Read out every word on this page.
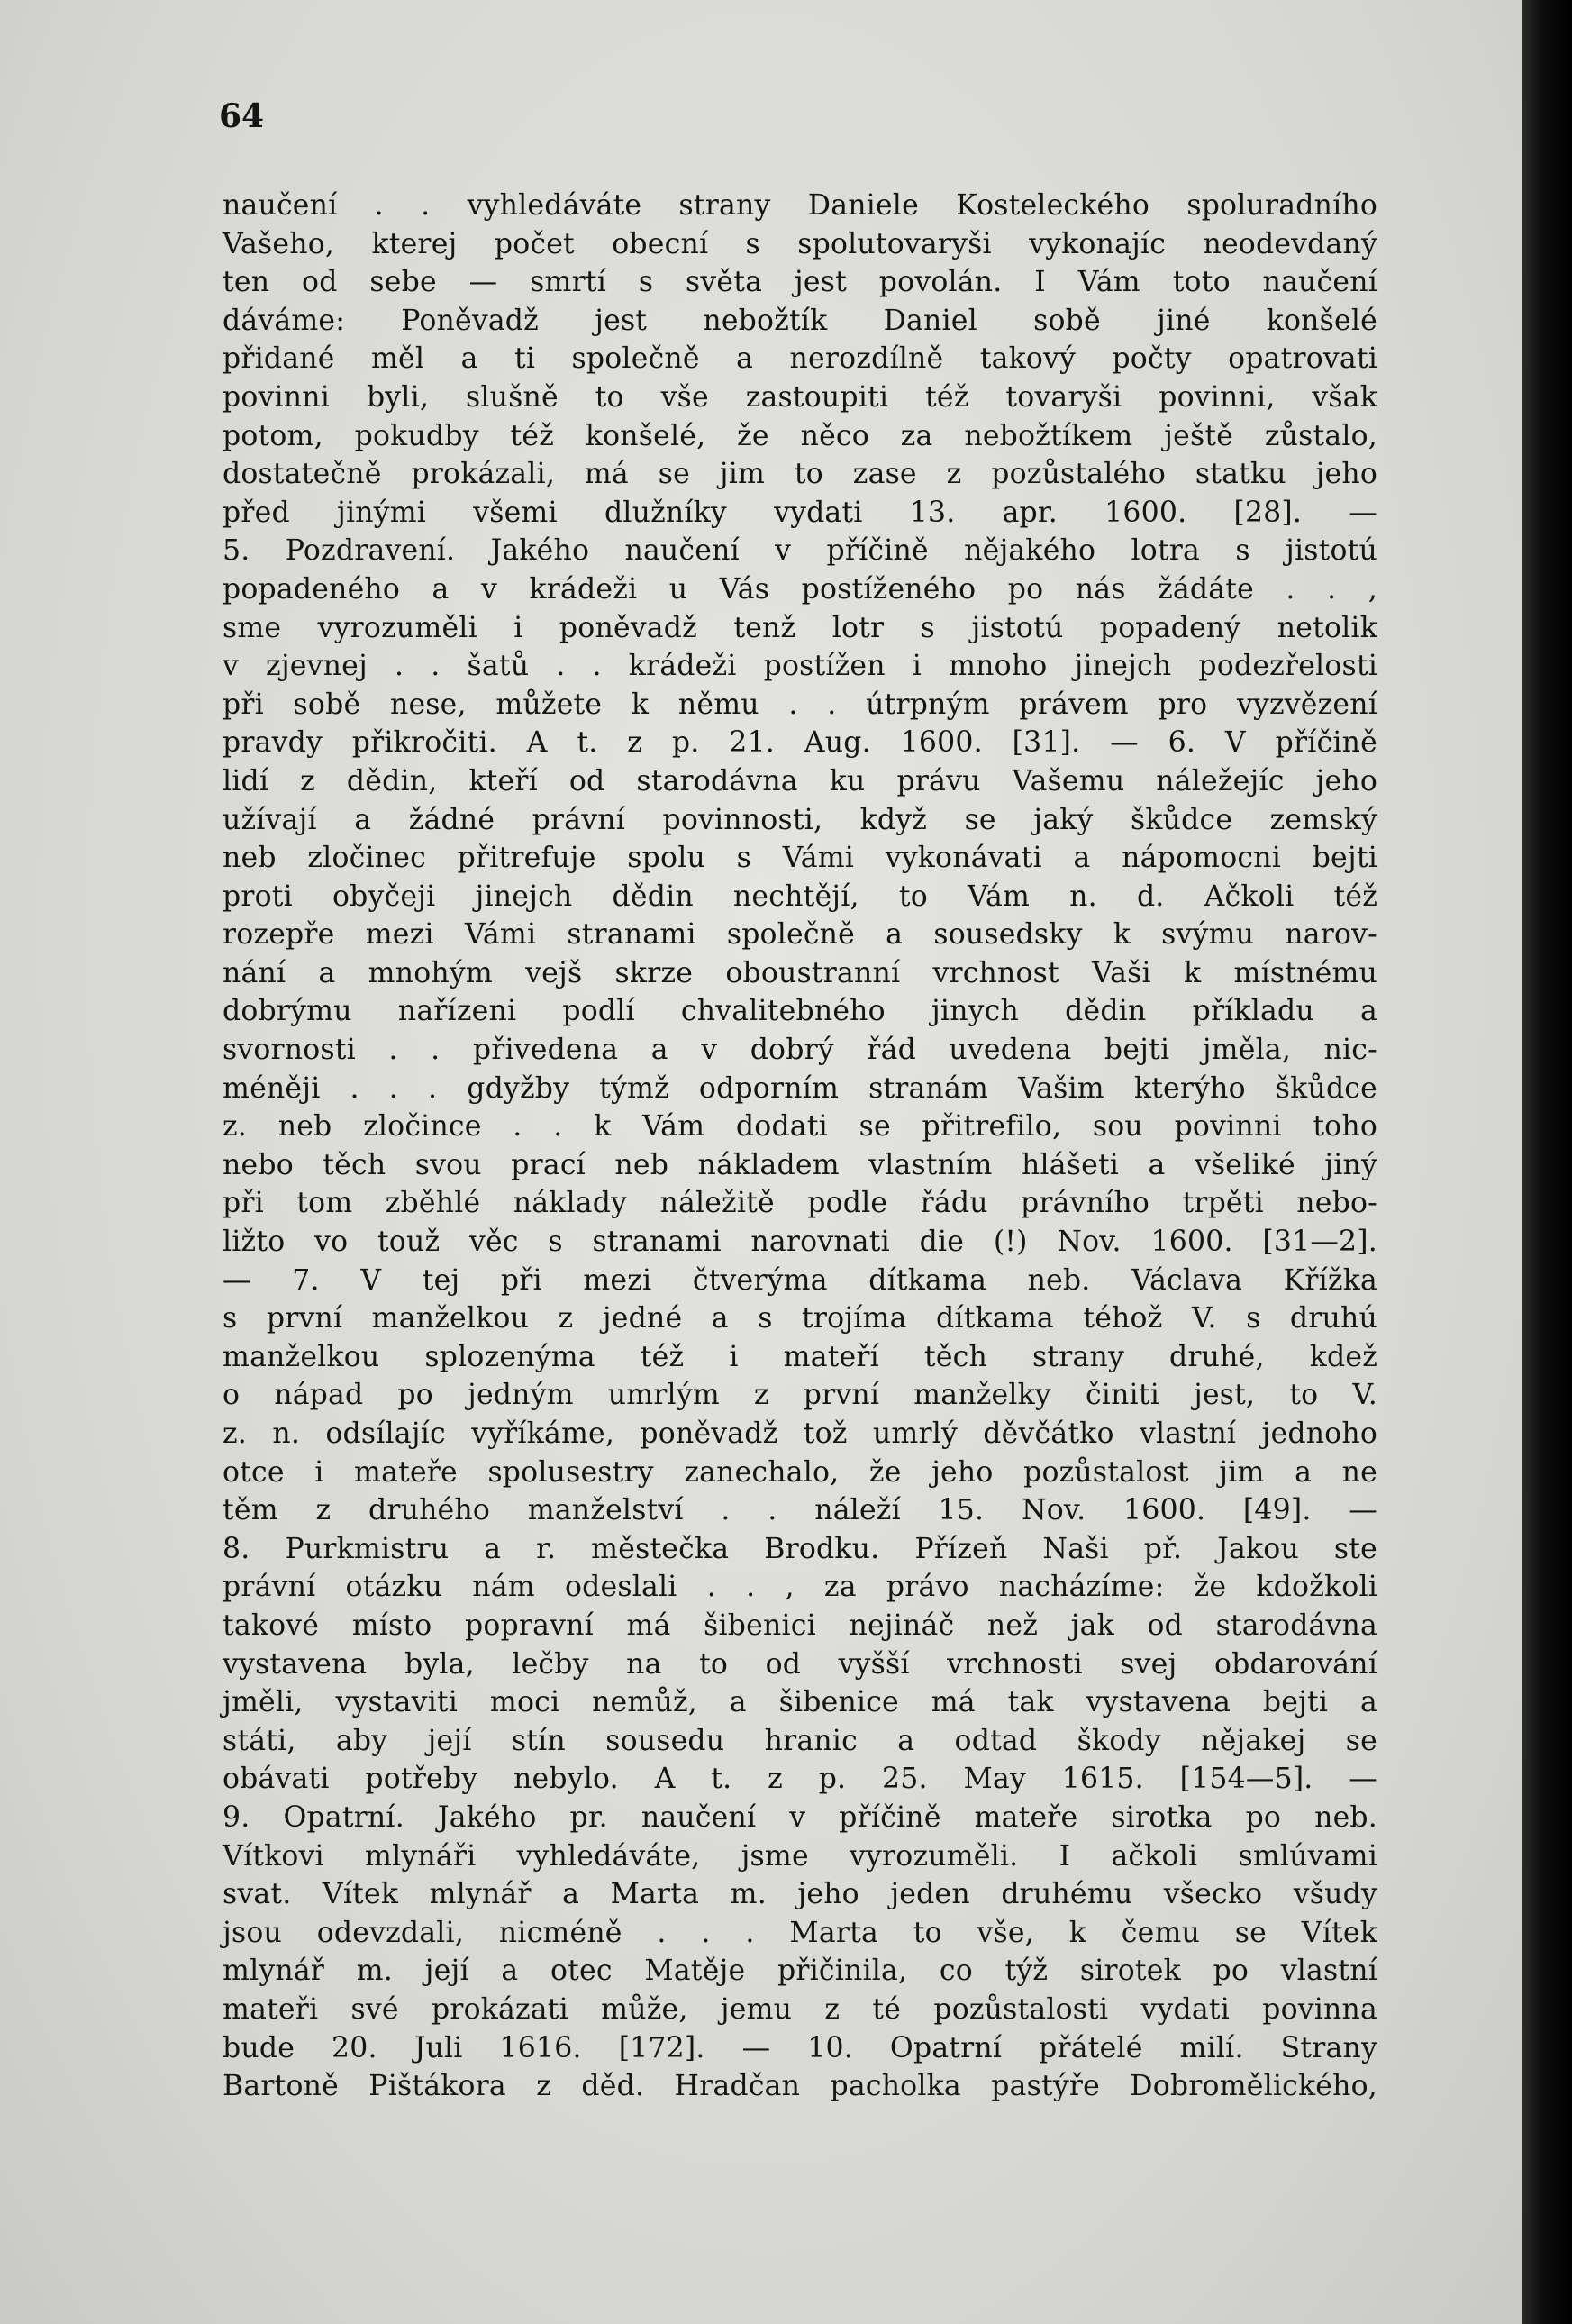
64

naučení . . vyhledáváte strany Daniele Kosteleckého spoluradního
Vašeho, kterej počet obecní s spolutovaryši vykonajíc neodevdaný
ten od sebe — smrtí s světa jest povolán. I Vám toto naučení
dáváme: Poněvadž jest nebožtík Daniel sobě jiné konšelé
přidané měl a ti společně a nerozdílně takový počty opatrovati
povinni byli, slušně to vše zastoupiti též tovaryši povinni, však
potom, pokudby též konšelé, že něco za nebožtíkem ještě zůstalo,
dostatečně prokázali, má se jim to zase z pozůstalého statku jeho
před jinými všemi dlužníky vydati 13. apr. 1600. [28]. —
5. Pozdravení. Jakého naučení v příčině nějakého lotra s jistotú
popadeného a v krádeži u Vás postíženého po nás žádáte . . ,
sme vyrozuměli i poněvadž tenž lotr s jistotú popadený netolik
v zjevnej . . šatů . . krádeži postížen i mnoho jinejch podezřelosti
při sobě nese, můžete k němu . . útrpným právem pro vyzvězení
pravdy přikročiti. A t. z p. 21. Aug. 1600. [31]. — 6. V příčině
lidí z dědin, kteří od starodávna ku právu Vašemu náležejíc jeho
užívají a žádné právní povinnosti, když se jaký škůdce zemský
neb zločinec přitrefuje spolu s Vámi vykonávati a nápomocni bejti
proti obyčeji jinejch dědin nechtějí, to Vám n. d. Ačkoli též
rozepře mezi Vámi stranami společně a sousedsky k svýmu narov-
nání a mnohým vejš skrze oboustranní vrchnost Vaši k místnému
dobrýmu nařízeni podlí chvalitebného jinych dědin příkladu a
svornosti . . přivedena a v dobrý řád uvedena bejti jměla, nic-
méněji . . . gdyžby týmž odporním stranám Vašim kterýho škůdce
z. neb zločince . . k Vám dodati se přitrefilo, sou povinni toho
nebo těch svou prací neb nákladem vlastním hlášeti a všeliké jiný
při tom zběhlé náklady náležitě podle řádu právního trpěti nebo-
ližto vo touž věc s stranami narovnati die (!) Nov. 1600. [31—2].
— 7. V tej při mezi čtverýma dítkama neb. Václava Křížka
s první manželkou z jedné a s trojíma dítkama téhož V. s druhú
manželkou splozenýma též i mateří těch strany druhé, kdež
o nápad po jedným umrlým z první manželky činiti jest, to V.
z. n. odsílajíc vyříkáme, poněvadž tož umrlý děvčátko vlastní jednoho
otce i mateře spolusestry zanechalo, že jeho pozůstalost jim a ne
těm z druhého manželství . . náleží 15. Nov. 1600. [49]. —
8. Purkmistru a r. městečka Brodku. Přízeň Naši př. Jakou ste
právní otázku nám odeslali . . , za právo nacházíme: že kdožkoli
takové místo popravní má šibenici nejináč než jak od starodávna
vystavena byla, lečby na to od vyšší vrchnosti svej obdarování
jměli, vystaviti moci nemůž, a šibenice má tak vystavena bejti a
státi, aby její stín sousedu hranic a odtad škody nějakej se
obávati potřeby nebylo. A t. z p. 25. May 1615. [154—5]. —
9. Opatrní. Jakého pr. naučení v příčině mateře sirotka po neb.
Vítkovi mlynáři vyhledáváte, jsme vyrozuměli. I ačkoli smlúvami
svat. Vítek mlynář a Marta m. jeho jeden druhému všecko všudy
jsou odevzdali, nicméně . . . Marta to vše, k čemu se Vítek
mlynář m. její a otec Matěje přičinila, co týž sirotek po vlastní
mateři své prokázati může, jemu z té pozůstalosti vydati povinna
bude 20. Juli 1616. [172]. — 10. Opatrní přátelé milí. Strany
Bartoně Pištákora z děd. Hradčan pacholka pastýře Dobromělického,
